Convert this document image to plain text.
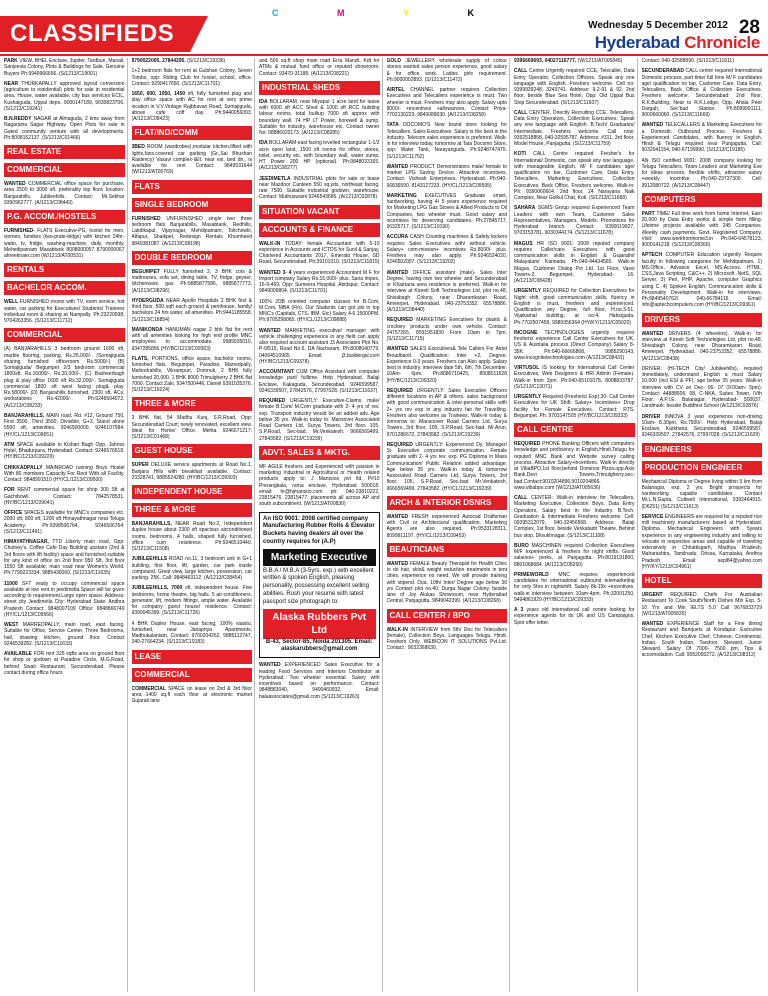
C	M	Y	K
CLASSIFIEDS	Wednesday 5 December 2012 28
Hyderabad Chronicle
PARK VIEW, BHEL Enclave, Jupiter, Tardbun, Manali, Sanjeevia Colony, Plots & Buildings for Sale. Genuine Buyers Ph:9949966656. (S/1213/C19001)
NEAR THURKAPALLY approved layout conversion (agriculture to residential) plots for sale in residential area. House, water available, city bus services ECIL, Kushaiguda, Uppal depo. 9000147189, 9030823706. (S/1213/C19241)
B.N.REDDY NAGAR at Almaguda, 2 kms away from Nagarjuna Sagar Highway. Open Plots for sale in Gated community venture with all developments. Ph:8008152137. (S/1213/C01466)
REAL ESTATE
COMMERCIAL
WANTED COMMERCIAL office space for purchase, area 2500 to 3000 sft. preferably top floor, location: Banjarahills, Jubileehills. Contact: Mr.Sekhar 9390962777. (A/1213/C08443)
P.G. ACCOM./HOSTELS
FURNISHED- FLATS Executive-PG, hostel for men, women, families (two-prate-bldgs) with kitchen 24hr-water, tv, fridge, washing-machine, daily, monthly. Mehedipatnam Masabtank 8008000057 8790000067 ahreeknaer.com (W/1213/AT00531)
RENTALS
BACHELOR ACCOM.
WELL FURNISHED rooms with TV, room service, hot water, car parking for Executives/ Students/ Trainees individual room & sharing at Nampally. Ph:23220598, 9704263356. (S/1213/C11712)
COMMERCIAL
(A) BANJARAHILLS 3 bedroom ground 1600 sft, marble flooring, parking, Rs.25,000/-. (Somajiguda sharing furnished officeroom Rs.5000/-) (B) Somajiguda/ Begumpet 2/3 bedroom commercial 1800sft. Rs.16000/-, Rs.20,000/-. (C) Basheerbagh plug & play office 1600 sft Rs.32,000/-. Somajiguda commercial 1800 sft west facing plug& play. Rs.58000/- (D) Banjarahills furnished, 2300 sft. ACs, workstations Rs.42000/-. Ph:9246504072. (A/1213/C08233)
BANJARAHILLS, MAIN road, Rd. #12, Ground 750, First 3500, Third 3500, Divisible, G+3, Stand alone 5500 sft, amenities. 9246500000, 9246107584. (HY/CL/1213/C09651)
ATM SPACE available in Kishan Bagh Opp. Jahnss Hotel, Bhadurpura, Hyderabad. Contact: 9246576618. (HY/BC/1213/C09229)
CHIKKADPALLY MAINROAD running Boys Hostel With 80 members Capacity For Rent With all Facility. Contact: 9848991510 (HY/CL/1213/C09500)
FOR RENT commercial space for shop 300 Sft at Gachibowli. Contact: 7842578531. (HY/BC/1213/C09041)
OFFICE SPACES available for MNC's companies etc. 2000 sft, 800 sft, 1200 sft Himayathnagar near Telugu Academy. Ph:9398506764, 9246506764. (S/1213/C11491)
HIMAYATHNAGAR, TTD Liberty main road, Opp: Chutney's, Coffee Cafe Day Building upstairs (2nd & 3rd floors with lift facility) space and furnished suitable for any kind of office on 2nd floor 950 Sft, 3rd floor 1550 Sft available, main road near Women's World. Ph:7799223334, 9885436060. (S/1213/C11635)
11000 SFT ready to occupy commercial space available at low rent in jeedimetla.Space will be given according to requirement.Large open space. Address: street city Jeedimetla City: Hyderabad State: Andhra Pradesh Contact: 9848007109 Office: 9848866749 (HY/CL/1213/C09566)
WEST MARREDPALLY, main road, east facing, Suitable for Office, Service Center, Three Bedrooms, hall, drawing kitchen, ground floor. Contact 9246539282. (S/1213/C11633)
AVAILABLE FOR rent 325 sqfts area on ground floor for shop or godown at Paradise Circle, M.G.Road, behind Swati Restaurant, Secunderabad. Please contact during office hours
8790022005, 27844295. (S/1213/C19236)
1+2 bedroom flats for rent at Gulshan Colony, Seven Tombs, opp: Riding Club for hostel, school, office. Contact: 9290417650. (S/1213/C11701)
1650, 600, 1050, 1450 sft, fully furnished plug and play office space with AC for rent at very prime location in V.V.Vintage Rajbhavan Road, Somajiguda, above cafe coff day. Ph:9440056093. (A/1213/C08423)
FLAT/IND/COMM
3BED ROOM (wardrobes),modular kitchen,lifted with lights,fans,covered car parking (Gr.,Sai Bhushan Raidency) Vasavi complex-I&II, near esi, bed dn., is available for rent Contact: 9849531644 (W/1213/AT00769)
FLATS
SINGLE BEDROOM
FURNISHED UNFURNISHED single two three bedroom flats Banjarahills, Masabtank, Redhills, Lakdikapul, Vijaynagar, Mehdipatnam, Tolichowki, Alfapur, Shaikpet, Redesign Rentals Khumheed 9849381087. (A/1213/C08198)
DOUBLE BEDROOM
BEGUMPET FULLY furnished 2, 3 BHK cots & mattresses, sofa set, dining table, TV, fridge, geyser, kitchenware, gas. Ph:9885877586, 9885877773. (A/1213/C08296)
HYDERGUDA NEAR Apollo Hospitals 2 BHK first & third floor, 500 sqft each ground & penthouse, family/ bachelors 24 hrs water, all amenities. Ph:9441185558. (S/1213/C18854)
MANIKONDA HANUMAN nagar 2 bhk flat for rent with all amenities looking for high end profile MNC employees to accommodate. 9989935010, 9347285856 (HY/BC/1213/C09303)
FLATS, PORTIONS, office space, bachelor rooms, furnished flats. Begumpet, Paradise, Marredpally, Mahindrahills, Vikrampuri, Domnuk, 2 BHK fully furnished 20,000, 1 BHK 8000 Trimulgherry 2 BHK flat 7000. Contact Zaki, 9347500446, Daniel 9391035376. (S/1213/C19224)
THREE & MORE
3 BHK flat, 54 Madhu Kunj, S.R.Road, Opp: Secunderabad Court; newly renovated, excellent view. Ideal for Home/ Office. Mehta 9246671217. (S/1213/C01468)
GUEST HOUSE
SUPER DELUXE service apartments at Road No.1, Banjara Hills with breakfast available. Contact: 23328741, 9885524280. (HY/BC/1213/C09303)
INDEPENDENT HOUSE
THREE & MORE
BANJARAHILLS, NEAR Road No:2, Independent duplex house about 2300 sft spacious airconditioned rooms, bedrooms, 4 halls, shaped fully furnished, office cum residence. Ph:9246510440. (S/1213/C11508)
JUBILEEHILLS ROAD no.11, 3 bedroom unit in G+1 building, first floor, lift, garden, car park inside compound. Great view, large kitchen, possession, car parking. 25K. Call: 9848463112. (A/1213/C08454)
JUBILEEHILLS, 7000 sft, independent house. Five bedrooms, home theatre, big halls. 5 air-conditioners, generator, lift, modern fittings, ample water. Available for company guest house/ residence. Contact: 9390045399. (S/1213/C11726)
4 BHK Duplex House, east facing, 100% vaastu, furnished, near Janapriya Apartments, Madhukalaniam, Contact: 9700204262, 9885112747, 040-27664234. (S/1213/C19183)
LEASE
COMMERCIAL
COMMERCIAL SPACE on lease on 2nd & 3rd floor area 1400 sq.ft each floor at electronic market Gujarati lane
and 500 sq.ft shop main road Erra Manzil, Kdt for ATMs & mutual fund office or reputed showroom. Contact: 93470-31188. (A/1213/C08221)
INDUSTRIAL SHEDS
IDA BOLLARAM, near Miyapur 1 acre land for lease with 6000 sft ACC Shed & 1000 sft RCC building labour rooms, total builtup 7000 sft approx with boundary wall. 74 HP LT Power, borewell & sump. Suitable for industry, warehouse etc. Contact owner No: 08886020173. (A/1213/C08285)
IDA BOLLARAM east facing levelled rectangular 1-1/2 acre open land, 1500 sft rooms for office, stores, toilet, security etc. with boundary wall, water sump, HT Power 200 HP (optional). Ph:9848033165. (A/1213/C08277)
JEEDIMETLA INDUSTRIAL plots for sale or lease near Mazdoor Canteen 550 sq.yds, northeast facing, rate 7500. Suitable industrial godown, warehouse. Contact: Muthuswami 9246543685. (A/1213/C02878)
SITUATION VACANT
ACCOUNTS & FINANCE
WALK-IN TODAY: female Accountant with 5-10 experience in Accounts and ICTDS for Sunil & Sanjay, Chartered Accountants 2017, Emerald House, SD Road, Secunderabad. Ph:39101010. (S/1213/C11815)
WANTED 3- 4 years experienced Accountant M F for Import company Salary Rs.15,000/- plus. Sana Impex, 15-9-469, Opp: Sumeera Hospital, Abidspur, Contact: 9849009804. (S/1213/C11701)
100% JOB oriented computer classes for B.Com, M.Com, MBA (Fin). Our Students can got job in top MNC's (Capitals, CTS, IBM, Etc) Salary 4-6 15000PM. Ph:9705298065. (HY/CL/1213/C09888)
WANTED MARKETING executive/ manager with vehicle challenging experience in any field can apply also required account assistant J3 Associates Plot No. P-9/515, Road No.6, DA Nacharam. Ph:8008040779, 04064510965 Email: j3.buildergal.com (HY/BC/1213/C09378)
ACCOUNTANT CUM Office Assistant with computer knowledge part/ fulltime. Help Hyderabad. Balaji Enclave, Kakaguda, Secunderabad. 9246599587, 9246339507, 27842576, 27997028. (S/1213/C11637)
REQUIRED URGENTLY: Executive-Claims, male/ female B.Com/ M.Com graduate with 2- 4 yrs of rev. exp. Transport industry would be an added adv. Age below 35 yrs. Walk-in today to: Mansover Associated Road Carriers Ltd, Surya Towers, 3rd floor, 105, S.P.Road, Sec-bad. Mr.Venkatesh, 9666569499, 27843582. (S/1213/C19239)
ADVT. SALES & MKTG.
MF AGILE freshers and Experienced with passion in marketing Industrial or Agricultural or Health related products apply to: J Mansoos pvt ltd. P#10 Prerangkala, rama enclave, Hyderabad 500018. email: hr@hjmansoo.com ph: 040-23810222, 23815476, 23815477. placements all across AP and south subcontinent. (W/1213/AT00830)
An ISO 9001: 2008 certified company Manufacturing Rubber Rolls & Elevator Buckets having dealers all over the country requires for (A.P)
Marketing Executive
B.B.A / M.B.A (3-5yrs. exp.) with excellent written & spoken English, pleasing personality, possessing excellent selling abilities. Rush your resume with latest passport size photograph to:
Alaska Rubbers Pvt Ltd
B-43, Sector-85, Noida 201305. Email: alaskarubbers@gmail.com
WANTED EXPERIENCED Sales Executive for a leading Food Services and Interiors Distributor at Hyderabad. Two wheeler essential. Salary with incentives based on performance. Contact: 9848883040, 9490460932. Email: balaassociates@gmail.com (S/1213/C19263)
GOLD JEWELLERY wholesale supply of colour stones wanted sales person experience, good salary & for office work. Ladies girls requirement. Ph:9000002893. (S/1213/C11472)
AIRTEL CHANNEL partner requires Collection Executives and Telecallers experience is must. Two wheeler is must. Freshers may also apply. Salary upto 8000/- +incentives +allowances. Contact Priya- 7702130223, 9849089030. (A/1213/C08258)
TATA DOCOMO'S New brand store looking for Telecallers, Sales Executives. Salary is the best in the Industry. Telecom sales experience is preferred. Walk-in for interview today, tomorrow at Tata Docomo Store, opp: Water Tank, Narayanguda. Ph:9248747475. (S/1213/C11752)
WANTED PRODUCT Demonstrators male/ female to market LPG Saving Device. Attractive incentives. Contact: Visheah Enterprises, Hyderabad. Ph:040-66836590, 8143127233. (HY/CL/1213/C09595)
MARKETING EXECUTIVES Graduate smart, hardworking, having 4/ 5 years experience required for Marketing LPG Gas Stoves & Allied Products to Oil Companies, two wheeler must. Good salary and incentives for deserving candidates. Ph:27845717, 66325717. (S/1213/C19190)
ACCURA CASH Counting machines & Safety lockers requires Sales Executives with/ without vehicle. Salary+ com-mission+ incentives Rs.8000/- plus. Freshers may also apply. Ph:9246524020, 9246502007. (S/1213/C19202)
WANTED OFFICE assistant (male)- Sales Inter Degree, having own two wheeler and Secunderabad or Khairtana area residence is preferred. Walk-in for interview at Kireeti Soft Technologies Ltd, plot no.48, Shivabagh Colony, near Dharamkaran Road, Ameerpet, Hyderabad. 040-23753352, 65578886. (A/1213/C08440)
REQUIRED MARKETING Executives for plastic & crockery products under own vehicle. Contact: 24757265, 8591951830 From 10am to 7pm. (S/1213/C11715)
WANTED SALES Executives& Tele Callers For Airtel Broadband. Qualification: Inter +2, Degree. Experience 0-3 years. Freshers can Also apply. Salary best in industry. interview date 5th, 6th, 7th December. 10Am- 6pm. Ph:8686710425, 8008011528 (HY/BC/1213/C09320)
REQUIRED URGENTLY: Sales Executive Officers different locations in AP & others. sales background with good communication & inter-personal skills with 2+ yrs rev exp in any industry fair for Travelling. Freshers also welcome as Trainees. Walk-in today & tomorrow to: Mansoover Road Carriers Ltd, Surya Towers, 3rd floor, 105, S.P.Road, Sec-bad. Mr.Arun, 9701286672, 27843582. (S/1213/C19239)
REQUIRED URGENTLY: Experienced Dy. Manager/ Sr. Executive corporate communication. Female graduate with 2- 4 yrs rev. exp. PG Diploma in Mass Communication/ Public Relation added advantage. Age below 35 yrs. Walk-in today & tomorrow Associated Road Carriers Ltd, Surya Towers, 3rd floor, 105, S.P.Road, Sec-bad Mr.Venkatesh, 9666569499, 27843582. (HY/CL/1213/C19239)
ARCH & INTERIOR DSNRS
WANTED FRESH experienced Autocad Draftsman with Civil or Architectural qualification. Marketing Agents are also required. Ph:9533128311, 8099911197. (HY/CL/1213/C09453)
BEAUTICIANS
WANTED FEMALE Beauty Therapist for Health Clinic to do hair, skin& weight reduction treatments in tent cities, experience no need. We will provide training with stipend. Dua. 10th/ Inter/ Degree age below 30 yrs Contact plot no.40, Durga Nagar Colony, beside lane of Joy Alukas Showroom, near Hyderabad Central, Panjagutta. 9849042399. (A/1213/C08268)
CALL CENTER / BPO
WALK-IN INTERVIEW from 5th/ Dec for Telecallers (female), Collection Boys, Languages Telugu, Hindi. Freshers Only. WEBICON IT SOLUTIONS Pvt.Ltd. Contact : 9032368630,
9396669693, 04027116777. (W/1213/AT005845)
CALL Centre Urgently required CCE, Telecaller, Data Entry Operator, Collection Officers. Speak any one language with English. Freshers welcome. Cell no: 9399939248, 3243741. Address: 9-2-91 & 92, 2nd floor, beside Blue Sea Hotel, Opp: Old Uppal Bus Stop Secunderabad. (S/1213/C11607)
CALL CENTER, Directly Recruiting CCE, Telecallers, Data Entry Operators, Collection Executives. Speak any one language with English. B.Tech/ Graduates/ Intermediate. Freshers welcome. Call now: 9392518858, 040-32595787. Address: #311, 3rd floor, Model House, Panjagutta. (S/1213/C11759)
KOTI CALL Centre required Fresher's for International/ Domestic, can speak any one language, with manageable English. M/ F candidates age/ qualification no bar, Customer Care, Data Entry, Telecallers, Marketing Executives, Collection Executives, Back Office. Freshers welcome. Walk-in: Ph: 9390060604, 2nd floor, 24 Narayana Naik Complex, Near Golkul Chat, Koti. (S/1213/C11668)
SAHARA SGMS Group required Experienced Team Leaders with own Team, Customer Sales Representatives, Managers, Models. Promotions for Hyderabad branch. Contact: 9390019927, 9703153781, 9030344174. (S/1213/C11678)
MAGUS HR ISO 9001: 2008 reputed company requires Caller/care Executives with good communication skills in English & Gujarathi/ Malayalam/ Kannada. Ph:040-44434565. Walk-in Magus, Customer Dialog Pvt Ltd, 1st Floor, Vasvi Towers-2, Begumpet, Hyderabad- 16. (A/1213/C08428)
URGENTLY REQUIRED for Collection Executives for Night shift, good communication skills, fluency in English is must, freshers and experienced. Qualification any Degree, full floor, H.no:3-51, Vijaikamal building, at no:4, Habsiguda. Ph:7702507459, 9989356364 (HY/KY/1213/C05020)
INCOGNE TECHNOLOGIES urgently requires freshers/ experience Call Center Executives for UK, US & Australia process (Direct Company) Salary 8- 35K. Ph:040-66666868, 9985290143, www.incognitetechnologies.com (A/1213/C08431)
VIRTUSOL IS looking for International Call Center Executives, Web Designers & HR/ Admin (Female). Walk-in from 2pm. Ph:040-65101078, 8008833787. (S/1213/C13071)
URGENTLY Required (Freshers/ Exp) 30- Call Center Executives for UK Shift. Salary+ Incentives+ Drop facility for Female Executives. Contact: RTS, Begumpet. Ph: 9703147505 (HY/BC/1213/C09333)
CALL CENTRE
REQUIRED PHONE Banking Officers with computers knowledge and proficiency in English,Hindi,Telugu for reputed MNC Bank and Website survey calling process. Attractive Salary+incentives. Walk-in directly at VibaBPO,1st floor,behind Dominos Pizza,opp.Axis Bank,Devi Towers,Trimulgherry,sec-bad.Contact:9010204896,9010204866. www.vibabpo.com (W/1213/AT005636)
CALL CENTER: Walk-in interview for Telecallers, Marketing Executive, Collection Boys, Data Entry Operators, Salary best in the Industry. B.Tech, Graduation & Intermediate Freshers welcome. Cell: 09395312079, 040-32456568. Address: Balaji Complex, 1st floor, beside Venkatadri Theatre, Behind bus stop, Dilsukhnagar. (S/1213/C11108)
BURO MASCHINEN required Collection Executives M/F experienced & freshers for night shifts. Good salaries+ perks, at Panjagutta. Ph:8019191800, 8801068684. (A/1213/C08260)
PRIMEWORLD MNC requires experienced candidates for international outbound telemarketing for only 5hrs in nightshift. Salary 8k-15k +incentives. walk-in interview between 10am-4pm. Ph:32001250, 9494861929 (HY/BC/1213/C09333)
A 3 years old international call centre looking for experience agents for its UK and US Campaigns. Spot offer letter.
Contact: 040-32588890. (S/1213/C11611)
SECUNDERABAD CALL centre required International Domestic process, part time/ full time M/ F candidates age/ qualification no bar, Customer Care, Data Entry, Telecallers, Back Office & Collection Executives. Freshers welcome. Secunderabad: 2nd floor, R.K.Building, Near to R.K.Lodge, Opp. Ahala Peer Dargah, Sec'bad Station. Ph:8099991111, 9000660060. (S/1213/C11669)
WANTED TELECALLERS & Marketing Executives for a Domestic Outbound Process. Freshers & Experienced Candidates, with fluency in English, Hindi & Telugu required near Punjagutta. Call: 9032041154, 040-67199990. (S/1213/C19185)
AN ISO certified 9001: 2008 company looking for Telugu Telecallers, Team Leaders and Marketing Exe for ideas process, flexible shifts, attractive salary +weekly incentive. Ph:040-23737300. Cell: 9912080722. (A/1213/C08447)
COMPUTERS
PART TIME/ Full time work from home Internet, Earn 20,000 by Data Entry works & simple form filling. Lifetime projects available with 245 Companies. Weekly cash payments. Govt. Registered Company. Visit: www.workfromhome3.in Ph:040-64578123, 9000141218. (S/1213/C08360)
APTECH COMPUTER Education urgently Require faculty in following categories for Mehdipatnam. 1) MS.Office, Advance Excel, MS.Access, HTML, CSS,Java Scripting, C&C++. 2) Microsoft .NetS, SQL Server. 3) Perl, PHP, Apache, computer Graphics using C. 4) Spoken English, Communication skills & Personality Development. Walk-in for interviews. Ph:9849540762/ 040-66784116. Email: info@aptechcomputers.com (HY/BC/1213/C09361)
DRIVERS
WANTED DRIVERS (4 wheelers). Walk-in for interview at Kireeti Soft Technologies Ltd, plot no.48, Shivabagh Colony, near Dharamkaran Road, Ameerpet, Hyderabad. 040-23753352, 65578886. (A/1213/C08438)
DRIVER: (HI-TECH City/ Jubileehills), required immediately, understand English a must Salary 10,000 (incl ESI & PF), age below 35 years. Walk-in interview with CV on Dec- 06- 07 (9:00am- 5pm). Contact: 44888606, 08, C-NKA, Suites Tower, IVth Floor, A.P.I.E. Balanagar, Hyderabad- 500037. Landmark: beside Buddhist School (A/1213/C02876)
DRIVER INNOVA 3 year experience non-driving 10am- 8.30pm, Rs.7500/-. Help Hyderabad, Balaji Enclave, Karkhana, Secunderabad. 9246599587, 9246339507, 27842576, 27997028. (S/1213/C11629)
ENGINEERS
PRODUCTION ENGINEER
Mechanical Diploma or Degree living within 5 km from Balanagar, exp. 2 yrs. Bright prospects for hardworking capable candidates. Contact Mr.L.N.Gupta, Cultwell International, 9392464915. (D6251) (S/1213/C11613)
SERVICE ENGINEERS are required for a reputed rice mill machinery manufacturers based at Hyderabad. Diploma Mechanical Engineers with 5years experience in any engineering industry and willing to relocate in respective areas and capable of traveling extensively in Chhattisgarh, Madhya Pradesh, Maharashtra, Tamilnadu, Orissa, Karnataka, Andhra Pradesh. Email: aspl84@yahoo.com (HY/KY/1213/C04961)
HOTEL
URGENT REQUIRED Chefs For Australian Restaurant To Cook South/North Dishes Min Exp. 5-10 Yrs and Min IELTS 5.0 Call 9676833729 (W/1213/AT005835)
WANTED EXPERIENCE Staff for a Fine dining Restaurant and Banquets at Kondapur. Executive Chef, Kitchen Executive Chef, Chinese, Continental, Indian, South Indian, Tandoor, Steward, Junior Steward. Salary Of 7000- 7500 pm, Tips & accomodation. Call: 9052050272. (A/1213/C08312)
